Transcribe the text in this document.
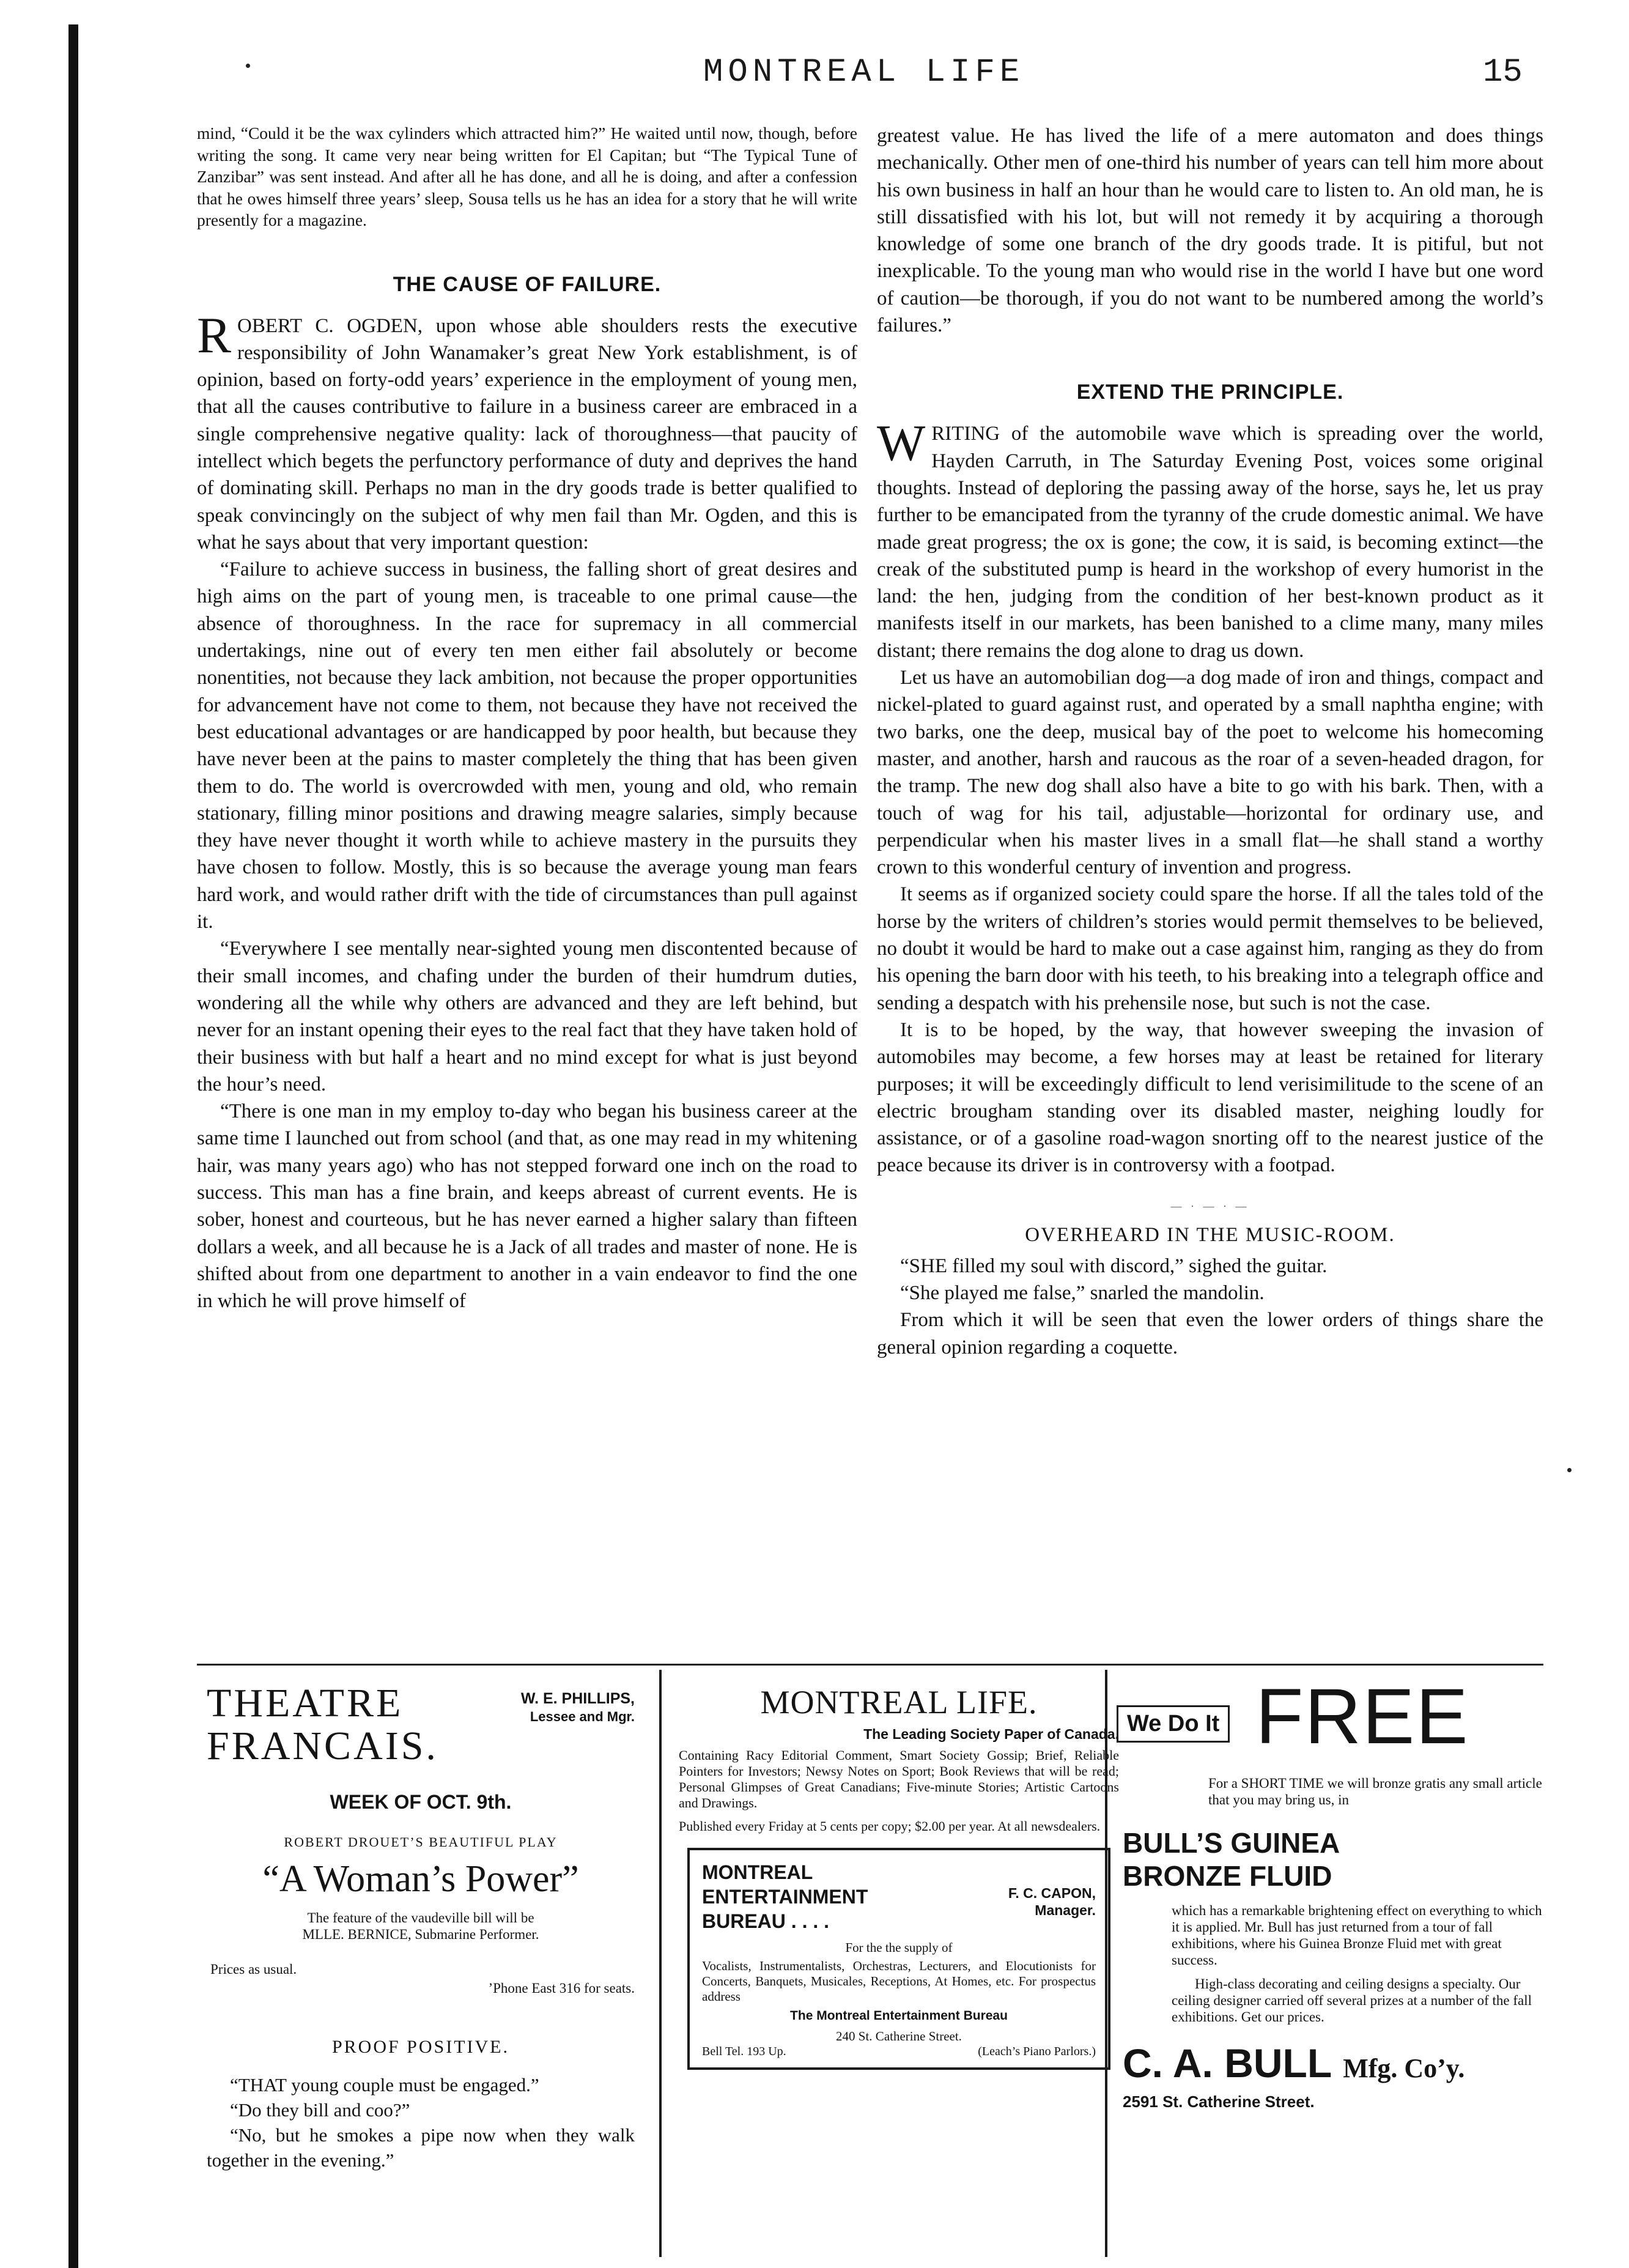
MONTREAL LIFE	15

mind, “Could it be the wax cylinders which attracted him?” He waited until now, though, before writing the song. It came very near being written for El Capitan; but “The Typical Tune of Zanzibar” was sent instead. And after all he has done, and all he is doing, and after a confession that he owes himself three years’ sleep, Sousa tells us he has an idea for a story that he will write presently for a magazine.

THE CAUSE OF FAILURE.

ROBERT C. OGDEN, upon whose able shoulders rests the executive responsibility of John Wanamaker’s great New York establishment, is of opinion, based on forty-odd years’ experience in the employment of young men, that all the causes contributive to failure in a business career are embraced in a single comprehensive negative quality: lack of thoroughness—that paucity of intellect which begets the perfunctory performance of duty and deprives the hand of dominating skill. Perhaps no man in the dry goods trade is better qualified to speak convincingly on the subject of why men fail than Mr. Ogden, and this is what he says about that very important question:

“Failure to achieve success in business, the falling short of great desires and high aims on the part of young men, is traceable to one primal cause—the absence of thoroughness. In the race for supremacy in all commercial undertakings, nine out of every ten men either fail absolutely or become nonentities, not because they lack ambition, not because the proper opportunities for advancement have not come to them, not because they have not received the best educational advantages or are handicapped by poor health, but because they have never been at the pains to master completely the thing that has been given them to do. The world is overcrowded with men, young and old, who remain stationary, filling minor positions and drawing meagre salaries, simply because they have never thought it worth while to achieve mastery in the pursuits they have chosen to follow. Mostly, this is so because the average young man fears hard work, and would rather drift with the tide of circumstances than pull against it.

“Everywhere I see mentally near-sighted young men discontented because of their small incomes, and chafing under the burden of their humdrum duties, wondering all the while why others are advanced and they are left behind, but never for an instant opening their eyes to the real fact that they have taken hold of their business with but half a heart and no mind except for what is just beyond the hour’s need.

“There is one man in my employ to-day who began his business career at the same time I launched out from school (and that, as one may read in my whitening hair, was many years ago) who has not stepped forward one inch on the road to success. This man has a fine brain, and keeps abreast of current events. He is sober, honest and courteous, but he has never earned a higher salary than fifteen dollars a week, and all because he is a Jack of all trades and master of none. He is shifted about from one department to another in a vain endeavor to find the one in which he will prove himself of

greatest value. He has lived the life of a mere automaton and does things mechanically. Other men of one-third his number of years can tell him more about his own business in half an hour than he would care to listen to. An old man, he is still dissatisfied with his lot, but will not remedy it by acquiring a thorough knowledge of some one branch of the dry goods trade. It is pitiful, but not inexplicable. To the young man who would rise in the world I have but one word of caution—be thorough, if you do not want to be numbered among the world’s failures.”

EXTEND THE PRINCIPLE.

WRITING of the automobile wave which is spreading over the world, Hayden Carruth, in The Saturday Evening Post, voices some original thoughts. Instead of deploring the passing away of the horse, says he, let us pray further to be emancipated from the tyranny of the crude domestic animal. We have made great progress; the ox is gone; the cow, it is said, is becoming extinct—the creak of the substituted pump is heard in the workshop of every humorist in the land: the hen, judging from the condition of her best-known product as it manifests itself in our markets, has been banished to a clime many, many miles distant; there remains the dog alone to drag us down.

Let us have an automobilian dog—a dog made of iron and things, compact and nickel-plated to guard against rust, and operated by a small naphtha engine; with two barks, one the deep, musical bay of the poet to welcome his homecoming master, and another, harsh and raucous as the roar of a seven-headed dragon, for the tramp. The new dog shall also have a bite to go with his bark. Then, with a touch of wag for his tail, adjustable—horizontal for ordinary use, and perpendicular when his master lives in a small flat—he shall stand a worthy crown to this wonderful century of invention and progress.

It seems as if organized society could spare the horse. If all the tales told of the horse by the writers of children’s stories would permit themselves to be believed, no doubt it would be hard to make out a case against him, ranging as they do from his opening the barn door with his teeth, to his breaking into a telegraph office and sending a despatch with his prehensile nose, but such is not the case.

It is to be hoped, by the way, that however sweeping the invasion of automobiles may become, a few horses may at least be retained for literary purposes; it will be exceedingly difficult to lend verisimilitude to the scene of an electric brougham standing over its disabled master, neighing loudly for assistance, or of a gasoline road-wagon snorting off to the nearest justice of the peace because its driver is in controversy with a footpad.

— · — · —
OVERHEARD IN THE MUSIC-ROOM.

“SHE filled my soul with discord,” sighed the guitar.

“She played me false,” snarled the mandolin.

From which it will be seen that even the lower orders of things share the general opinion regarding a coquette.

THEATRE
FRANCAIS.
W. E. PHILLIPS,
Lessee and Mgr.
WEEK OF OCT. 9th.
ROBERT DROUET’S BEAUTIFUL PLAY
“A Woman’s Power”
The feature of the vaudeville bill will be
MLLE. BERNICE, Submarine Performer.
Prices as usual.
’Phone East 316 for seats.
PROOF POSITIVE.

“THAT young couple must be engaged.”

“Do they bill and coo?”

“No, but he smokes a pipe now when they walk together in the evening.”

MONTREAL LIFE.
The Leading Society Paper of Canada.

Containing Racy Editorial Comment, Smart Society Gossip; Brief, Reliable Pointers for Investors; Newsy Notes on Sport; Book Reviews that will be read; Personal Glimpses of Great Canadians; Five-minute Stories; Artistic Cartoons and Drawings.

Published every Friday at 5 cents per copy; $2.00 per year. At all newsdealers.

MONTREAL
ENTERTAINMENT
BUREAU . . . .
F. C. CAPON,
Manager.
For the the supply of

Vocalists, Instrumentalists, Orchestras, Lecturers, and Elocutionists for Concerts, Banquets, Musicales, Receptions, At Homes, etc. For prospectus address

The Montreal Entertainment Bureau
240 St. Catherine Street.
Bell Tel. 193 Up.	(Leach’s Piano Parlors.)
We Do It FREE

For a SHORT TIME we will bronze gratis any small article that you may bring us, in

BULL’S GUINEA
BRONZE FLUID

which has a remarkable brightening effect on everything to which it is applied. Mr. Bull has just returned from a tour of fall exhibitions, where his Guinea Bronze Fluid met with great success.

High-class decorating and ceiling designs a specialty. Our ceiling designer carried off several prizes at a number of the fall exhibitions. Get our prices.

C. A. BULL Mfg. Co’y.
2591 St. Catherine Street.
